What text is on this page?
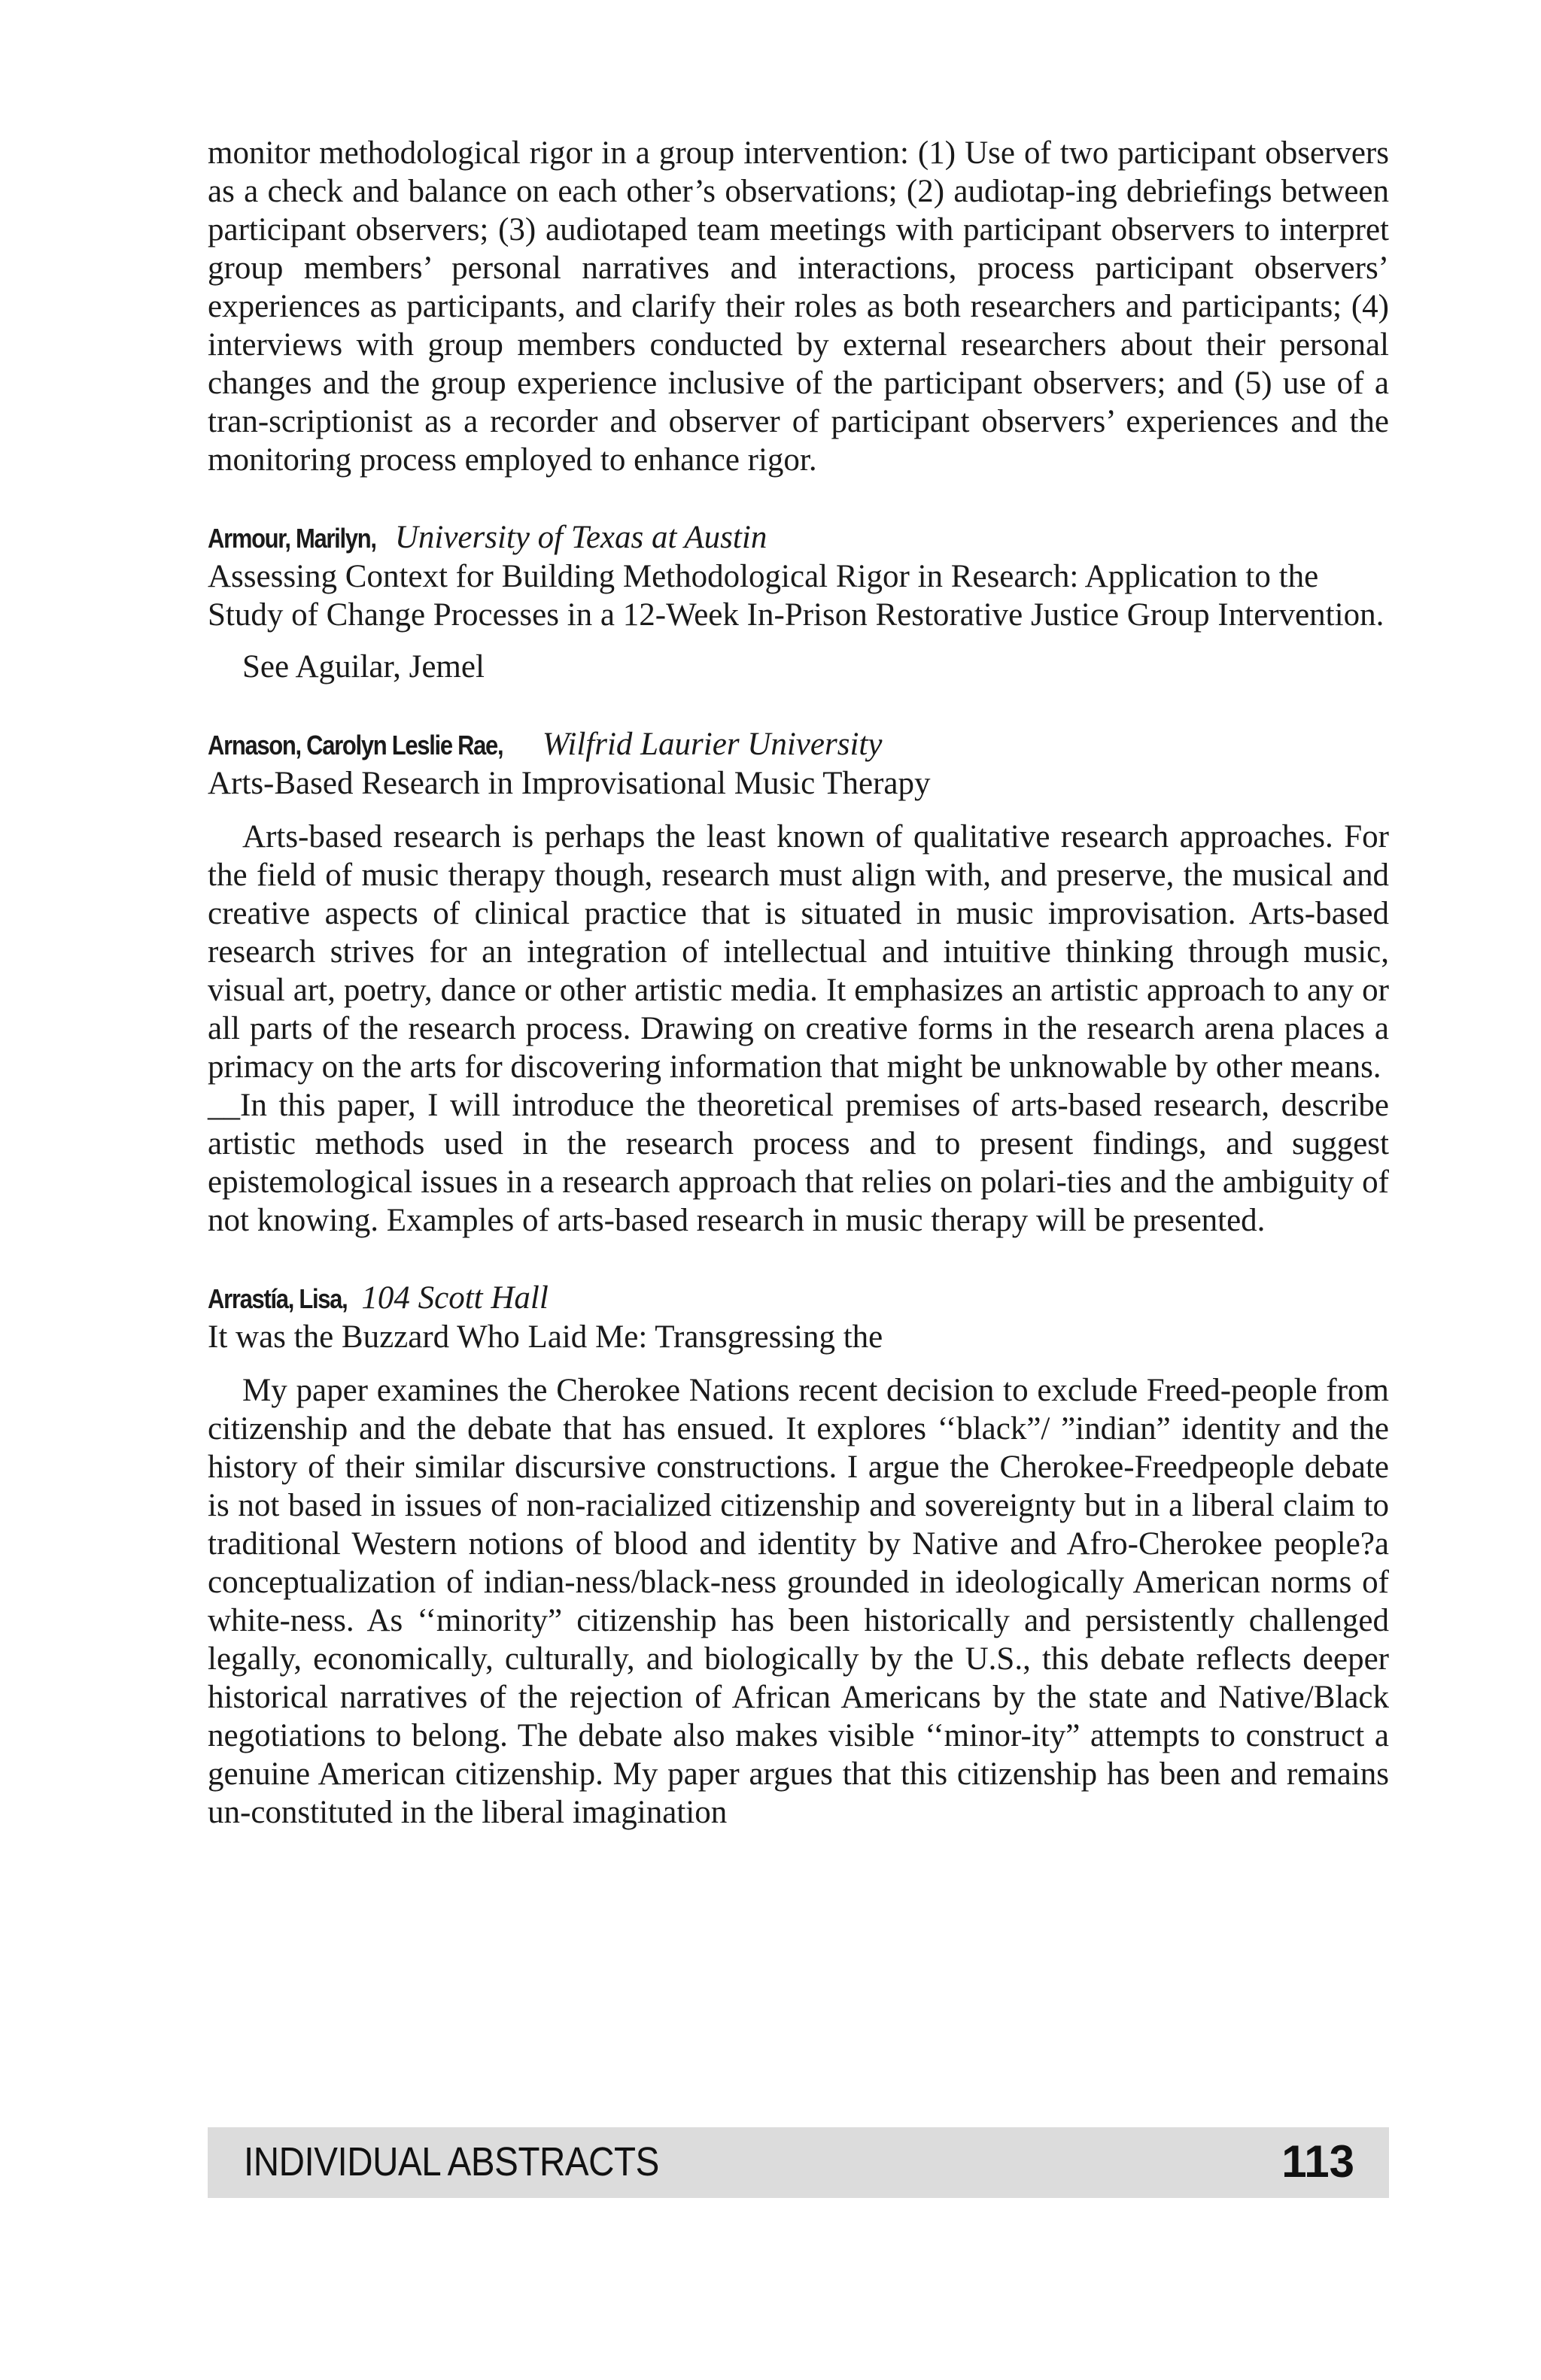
monitor methodological rigor in a group intervention: (1) Use of two participant observers as a check and balance on each other’s observations; (2) audiotap-ing debriefings between participant observers; (3) audiotaped team meetings with participant observers to interpret group members’ personal narratives and interactions, process participant observers’ experiences as participants, and clarify their roles as both researchers and participants; (4) interviews with group members conducted by external researchers about their personal changes and the group experience inclusive of the participant observers; and (5) use of a tran-scriptionist as a recorder and observer of participant observers’ experiences and the monitoring process employed to enhance rigor.

Armour, Marilyn, University of Texas at Austin

Assessing Context for Building Methodological Rigor in Research: Application to the Study of Change Processes in a 12-Week In-Prison Restorative Justice Group Intervention.

See Aguilar, Jemel

Arnason, Carolyn Leslie Rae, Wilfrid Laurier University

Arts-Based Research in Improvisational Music Therapy

Arts-based research is perhaps the least known of qualitative research approaches. For the field of music therapy though, research must align with, and preserve, the musical and creative aspects of clinical practice that is situated in music improvisation. Arts-based research strives for an integration of intellectual and intuitive thinking through music, visual art, poetry, dance or other artistic media. It emphasizes an artistic approach to any or all parts of the research process. Drawing on creative forms in the research arena places a primacy on the arts for discovering information that might be unknowable by other means.

__In this paper, I will introduce the theoretical premises of arts-based research, describe artistic methods used in the research process and to present findings, and suggest epistemological issues in a research approach that relies on polari-ties and the ambiguity of not knowing. Examples of arts-based research in music therapy will be presented.

Arrastía, Lisa, 104 Scott Hall

It was the Buzzard Who Laid Me: Transgressing the

My paper examines the Cherokee Nations recent decision to exclude Freed-people from citizenship and the debate that has ensued. It explores ‘‘black”/ ”indian” identity and the history of their similar discursive constructions. I argue the Cherokee-Freedpeople debate is not based in issues of non-racialized citizenship and sovereignty but in a liberal claim to traditional Western notions of blood and identity by Native and Afro-Cherokee people?a conceptualization of indian-ness/black-ness grounded in ideologically American norms of white-ness. As ‘‘minority” citizenship has been historically and persistently challenged legally, economically, culturally, and biologically by the U.S., this debate reflects deeper historical narratives of the rejection of African Americans by the state and Native/Black negotiations to belong. The debate also makes visible ‘‘minor-ity” attempts to construct a genuine American citizenship. My paper argues that this citizenship has been and remains un-constituted in the liberal imagination

INDIVIDUAL ABSTRACTS	113
